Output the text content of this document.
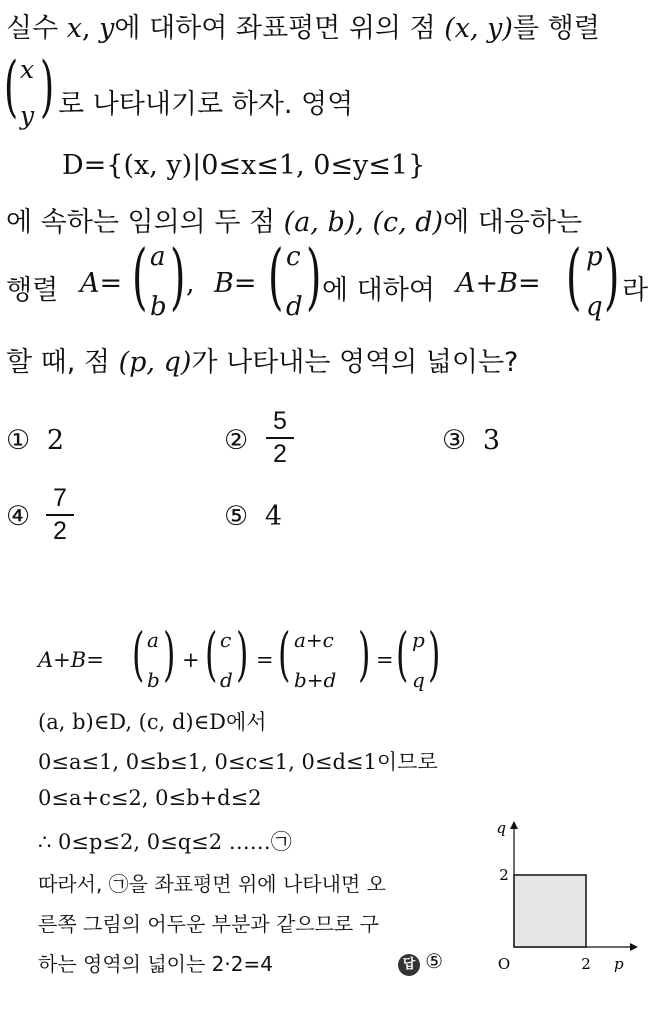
실수 x, y에 대하여 좌표평면 위의 점 (x, y)를 행렬
( x
y ) 로 나타내기로 하자. 영역
D={(x, y)|0≤x≤1, 0≤y≤1}
에 속하는 임의의 두 점 (a, b), (c, d)에 대응하는
행렬 A= ( a
b ) , B= ( c
d ) 에 대하여 A+B= ( p
q ) 라
할 때, 점 (p, q)가 나타내는 영역의 넓이는?
① 2	②
5
2	③ 3
④
7
2	⑤ 4
A+B= ( a
b ) + ( c
d ) = ( a+c
b+d ) = ( p
q )
(a, b)∈D, (c, d)∈D에서
0≤a≤1, 0≤b≤1, 0≤c≤1, 0≤d≤1이므로
0≤a+c≤2, 0≤b+d≤2
∴ 0≤p≤2, 0≤q≤2 ……㉠
따라서, ㉠을 좌표평면 위에 나타내면 오
른쪽 그림의 어두운 부분과 같으므로 구
하는 영역의 넓이는 2·2=4	답 ⑤
q
p
O
2
2
